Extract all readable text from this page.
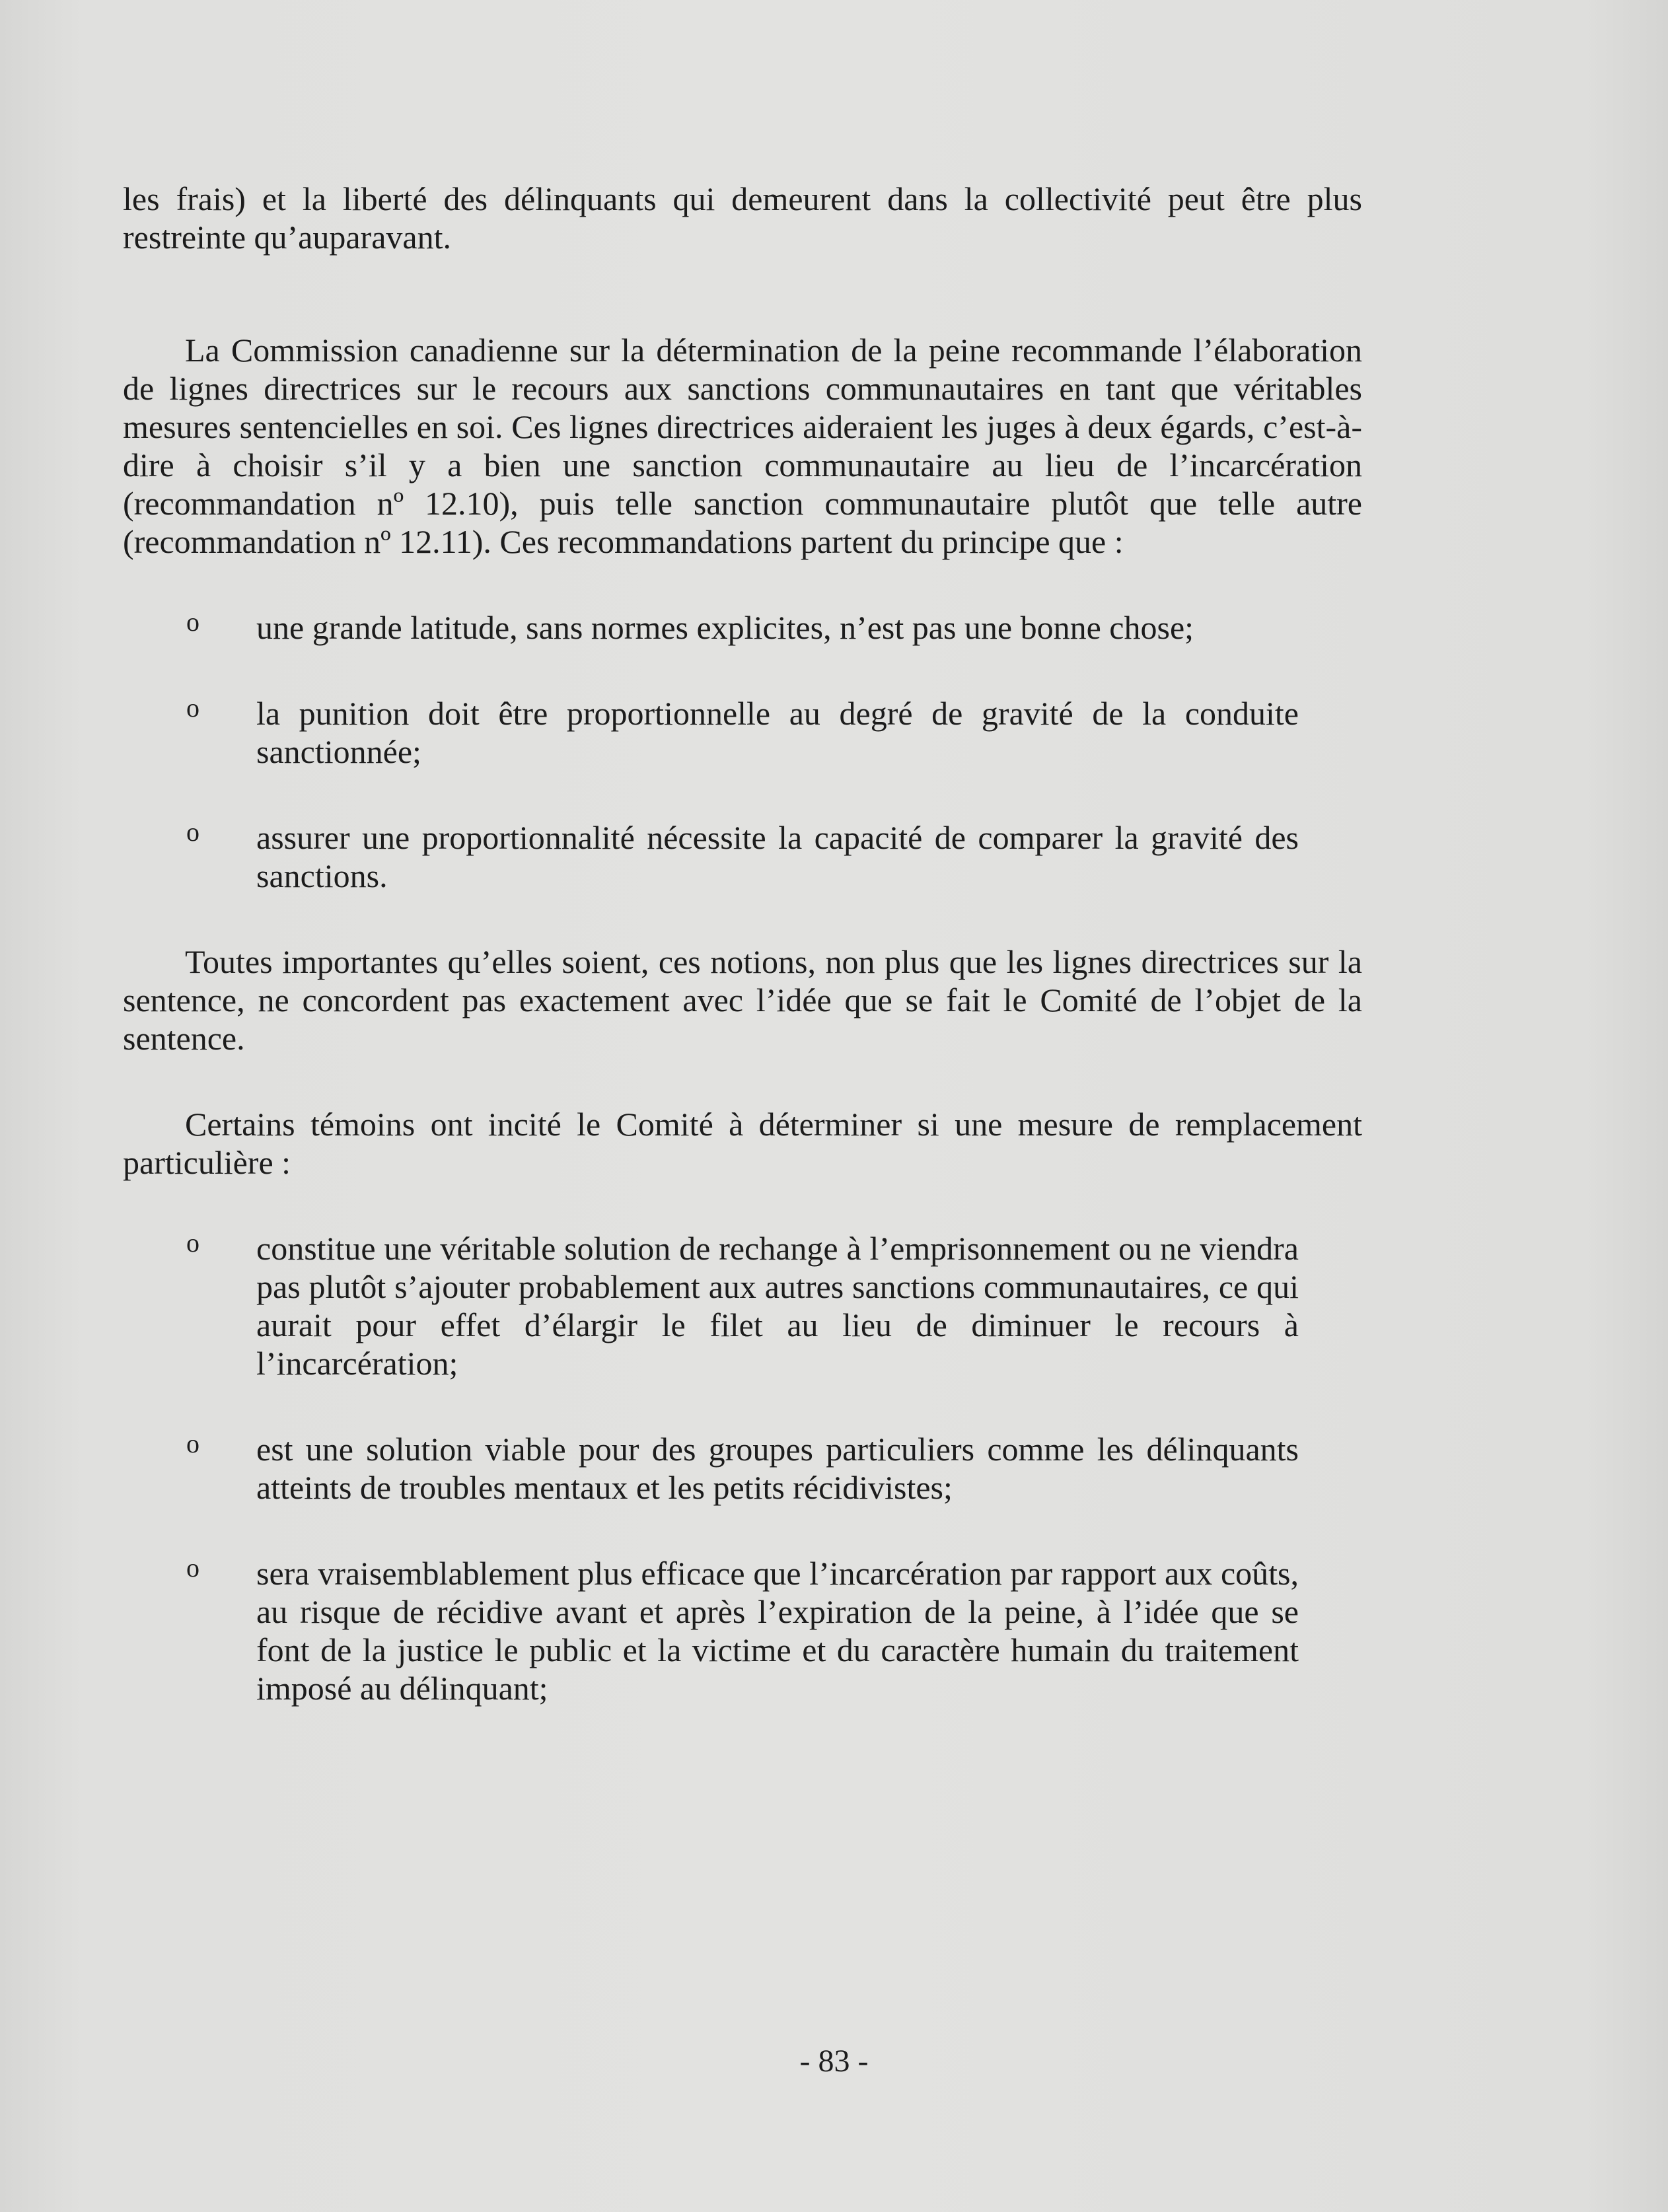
les frais) et la liberté des délinquants qui demeurent dans la collectivité peut être plus restreinte qu’auparavant.

La Commission canadienne sur la détermination de la peine recommande l’élaboration de lignes directrices sur le recours aux sanctions communautaires en tant que véritables mesures sentencielles en soi. Ces lignes directrices aideraient les juges à deux égards, c’est-à-dire à choisir s’il y a bien une sanction communautaire au lieu de l’incarcération (recommandation nº 12.10), puis telle sanction communautaire plutôt que telle autre (recommandation nº 12.11). Ces recommandations partent du principe que :

o une grande latitude, sans normes explicites, n’est pas une bonne chose;
o la punition doit être proportionnelle au degré de gravité de la conduite sanctionnée;
o assurer une proportionnalité nécessite la capacité de comparer la gravité des sanctions.

Toutes importantes qu’elles soient, ces notions, non plus que les lignes directrices sur la sentence, ne concordent pas exactement avec l’idée que se fait le Comité de l’objet de la sentence.

Certains témoins ont incité le Comité à déterminer si une mesure de remplacement particulière :

o constitue une véritable solution de rechange à l’emprisonnement ou ne viendra pas plutôt s’ajouter probablement aux autres sanctions communautaires, ce qui aurait pour effet d’élargir le filet au lieu de diminuer le recours à l’incarcération;
o est une solution viable pour des groupes particuliers comme les délinquants atteints de troubles mentaux et les petits récidivistes;
o sera vraisemblablement plus efficace que l’incarcération par rapport aux coûts, au risque de récidive avant et après l’expiration de la peine, à l’idée que se font de la justice le public et la victime et du caractère humain du traitement imposé au délinquant;
- 83 -
